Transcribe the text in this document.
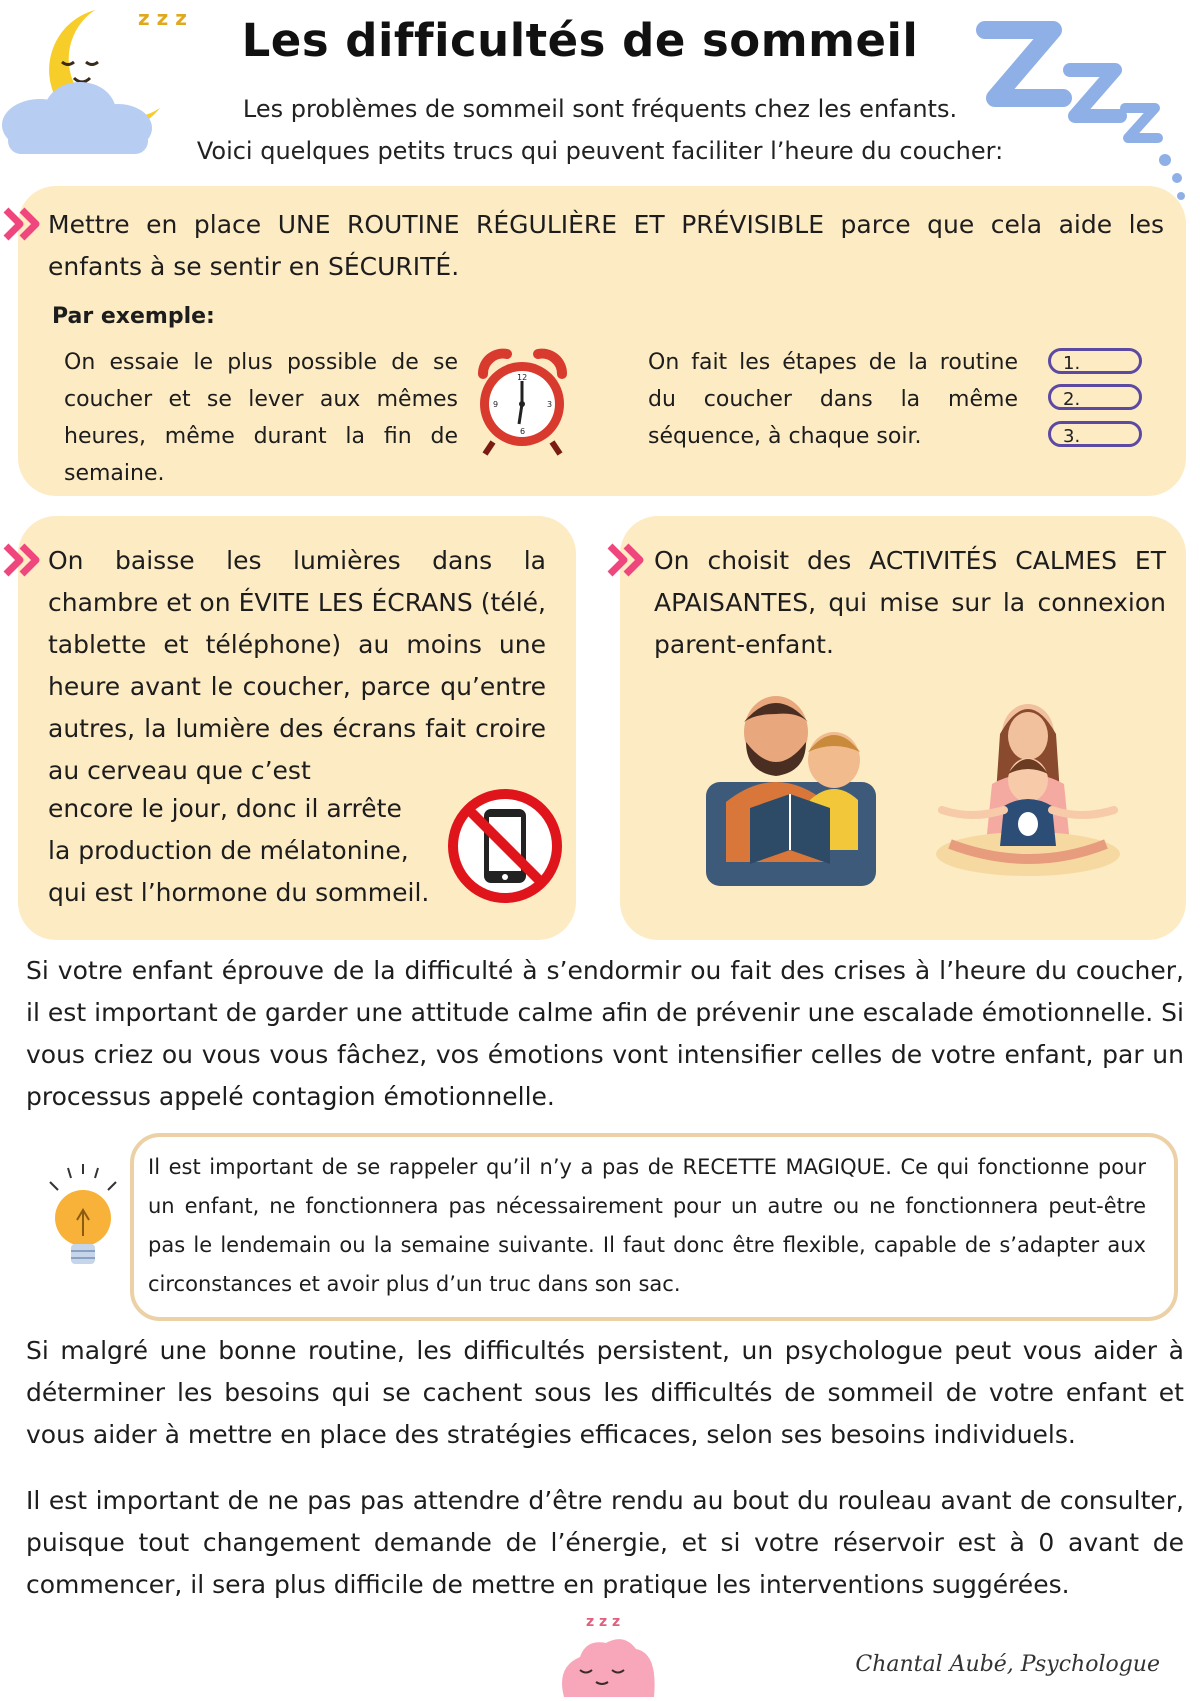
z z z Les difficultés de sommeil
Les problèmes de sommeil sont fréquents chez les enfants.
Voici quelques petits trucs qui peuvent faciliter l’heure du coucher:
Mettre en place UNE ROUTINE RÉGULIÈRE ET PRÉVISIBLE parce que cela aide les
enfants à se sentir en SÉCURITÉ.
Par exemple:
On essaie le plus possible de se coucher et se lever aux mêmes heures, même durant la fin de semaine.
12
3
6
9
On fait les étapes de la routine du coucher dans la même séquence, à chaque soir.
1.
2.
3.
On baisse les lumières dans la chambre et on ÉVITE LES ÉCRANS (télé, tablette et téléphone) au moins une heure avant le coucher, parce qu’entre autres, la lumière des écrans fait croire au cerveau que c’est
encore le jour, donc il arrête
la production de mélatonine,
qui est l’hormone du sommeil.
On choisit des ACTIVITÉS CALMES ET APAISANTES, qui mise sur la connexion parent-enfant.
Si votre enfant éprouve de la difficulté à s’endormir ou fait des crises à l’heure du coucher, il est important de garder une attitude calme afin de prévenir une escalade émotionnelle. Si vous criez ou vous vous fâchez, vos émotions vont intensifier celles de votre enfant, par un processus appelé contagion émotionnelle.
Il est important de se rappeler qu’il n’y a pas de RECETTE MAGIQUE. Ce qui fonctionne pour un enfant, ne fonctionnera pas nécessairement pour un autre ou ne fonctionnera peut-être pas le lendemain ou la semaine suivante. Il faut donc être flexible, capable de s’adapter aux circonstances et avoir plus d’un truc dans son sac.
Si malgré une bonne routine, les difficultés persistent, un psychologue peut vous aider à déterminer les besoins qui se cachent sous les difficultés de sommeil de votre enfant et vous aider à mettre en place des stratégies efficaces, selon ses besoins individuels.
Il est important de ne pas pas attendre d’être rendu au bout du rouleau avant de consulter, puisque tout changement demande de l’énergie, et si votre réservoir est à 0 avant de commencer, il sera plus difficile de mettre en pratique les interventions suggérées.
z z z
Chantal Aubé, Psychologue
